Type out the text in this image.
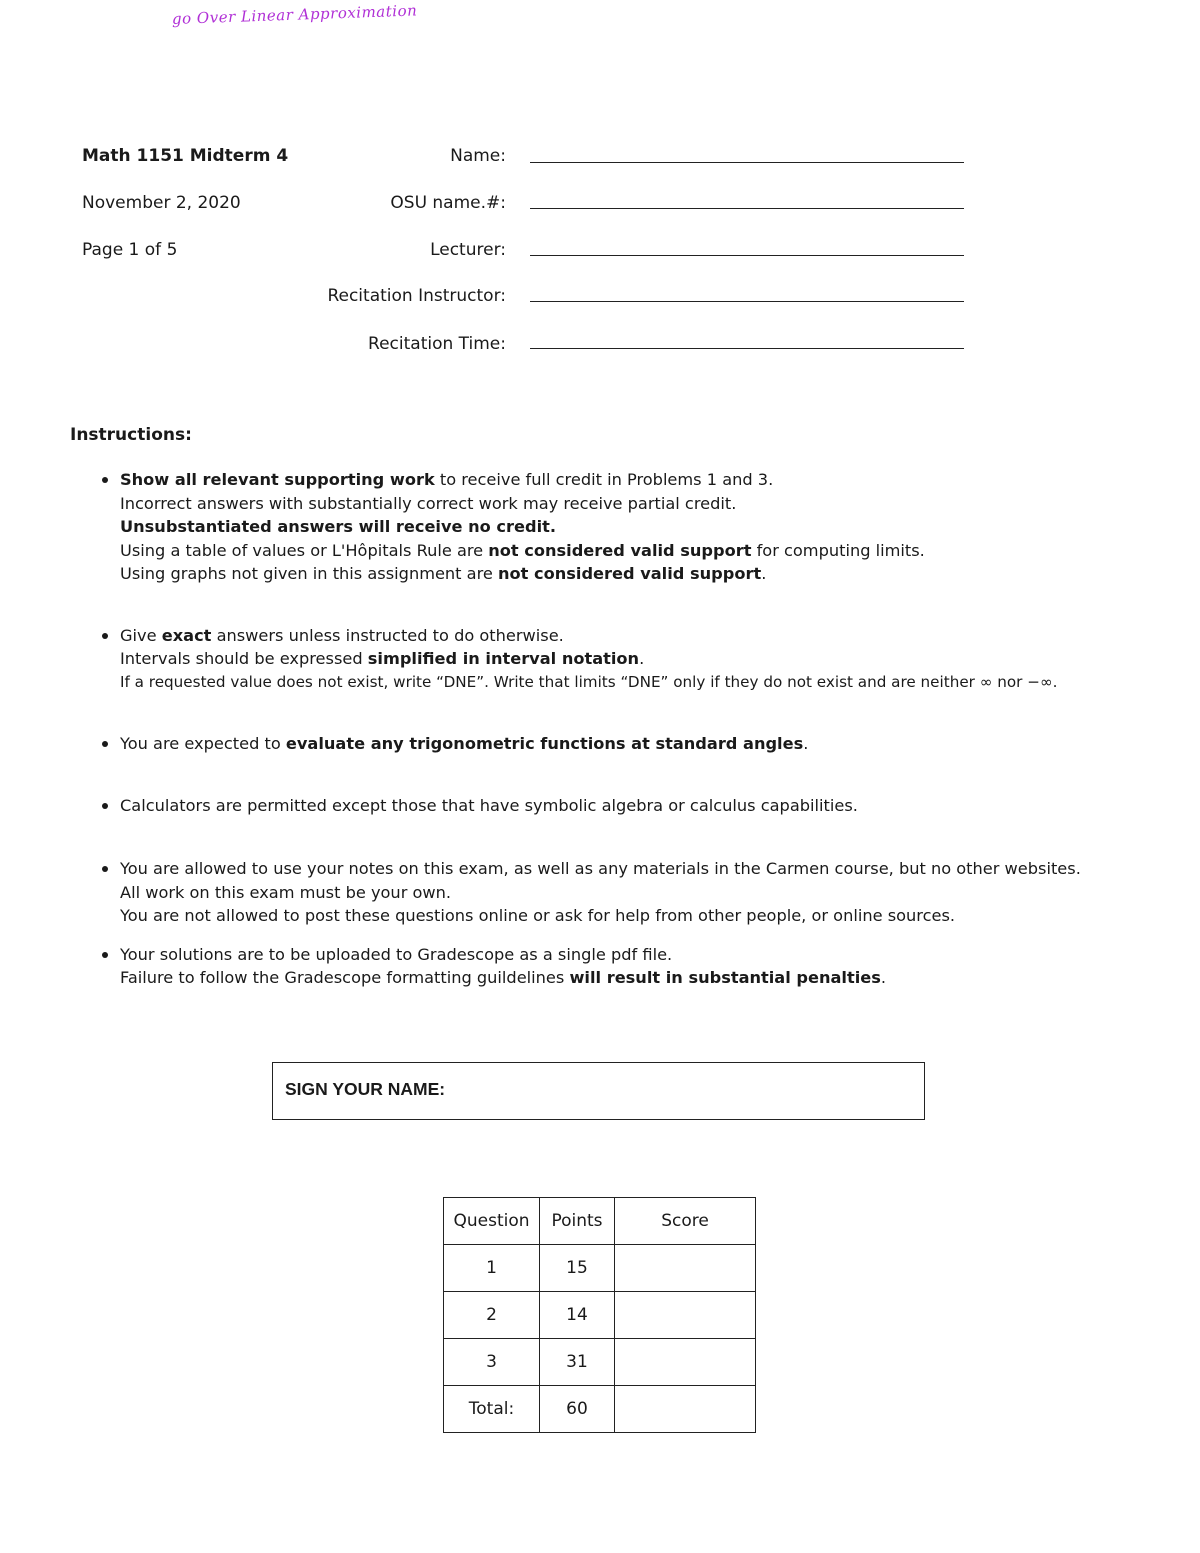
go Over Linear Approximation
Math 1151 Midterm 4
November 2, 2020
Page 1 of 5
Name:
OSU name.#:
Lecturer:
Recitation Instructor:
Recitation Time:
Instructions:
Show all relevant supporting work to receive full credit in Problems 1 and 3.
Incorrect answers with substantially correct work may receive partial credit.
Unsubstantiated answers will receive no credit.
Using a table of values or L'Hôpitals Rule are not considered valid support for computing limits.
Using graphs not given in this assignment are not considered valid support.
Give exact answers unless instructed to do otherwise.
Intervals should be expressed simplified in interval notation.
If a requested value does not exist, write “DNE”. Write that limits “DNE” only if they do not exist and are neither ∞ nor −∞.
You are expected to evaluate any trigonometric functions at standard angles.
Calculators are permitted except those that have symbolic algebra or calculus capabilities.
You are allowed to use your notes on this exam, as well as any materials in the Carmen course, but no other websites.
All work on this exam must be your own.
You are not allowed to post these questions online or ask for help from other people, or online sources.
Your solutions are to be uploaded to Gradescope as a single pdf file.
Failure to follow the Gradescope formatting guildelines will result in substantial penalties.
SIGN YOUR NAME:
Question	Points	Score
1	15	
2	14	
3	31	
Total:	60	
